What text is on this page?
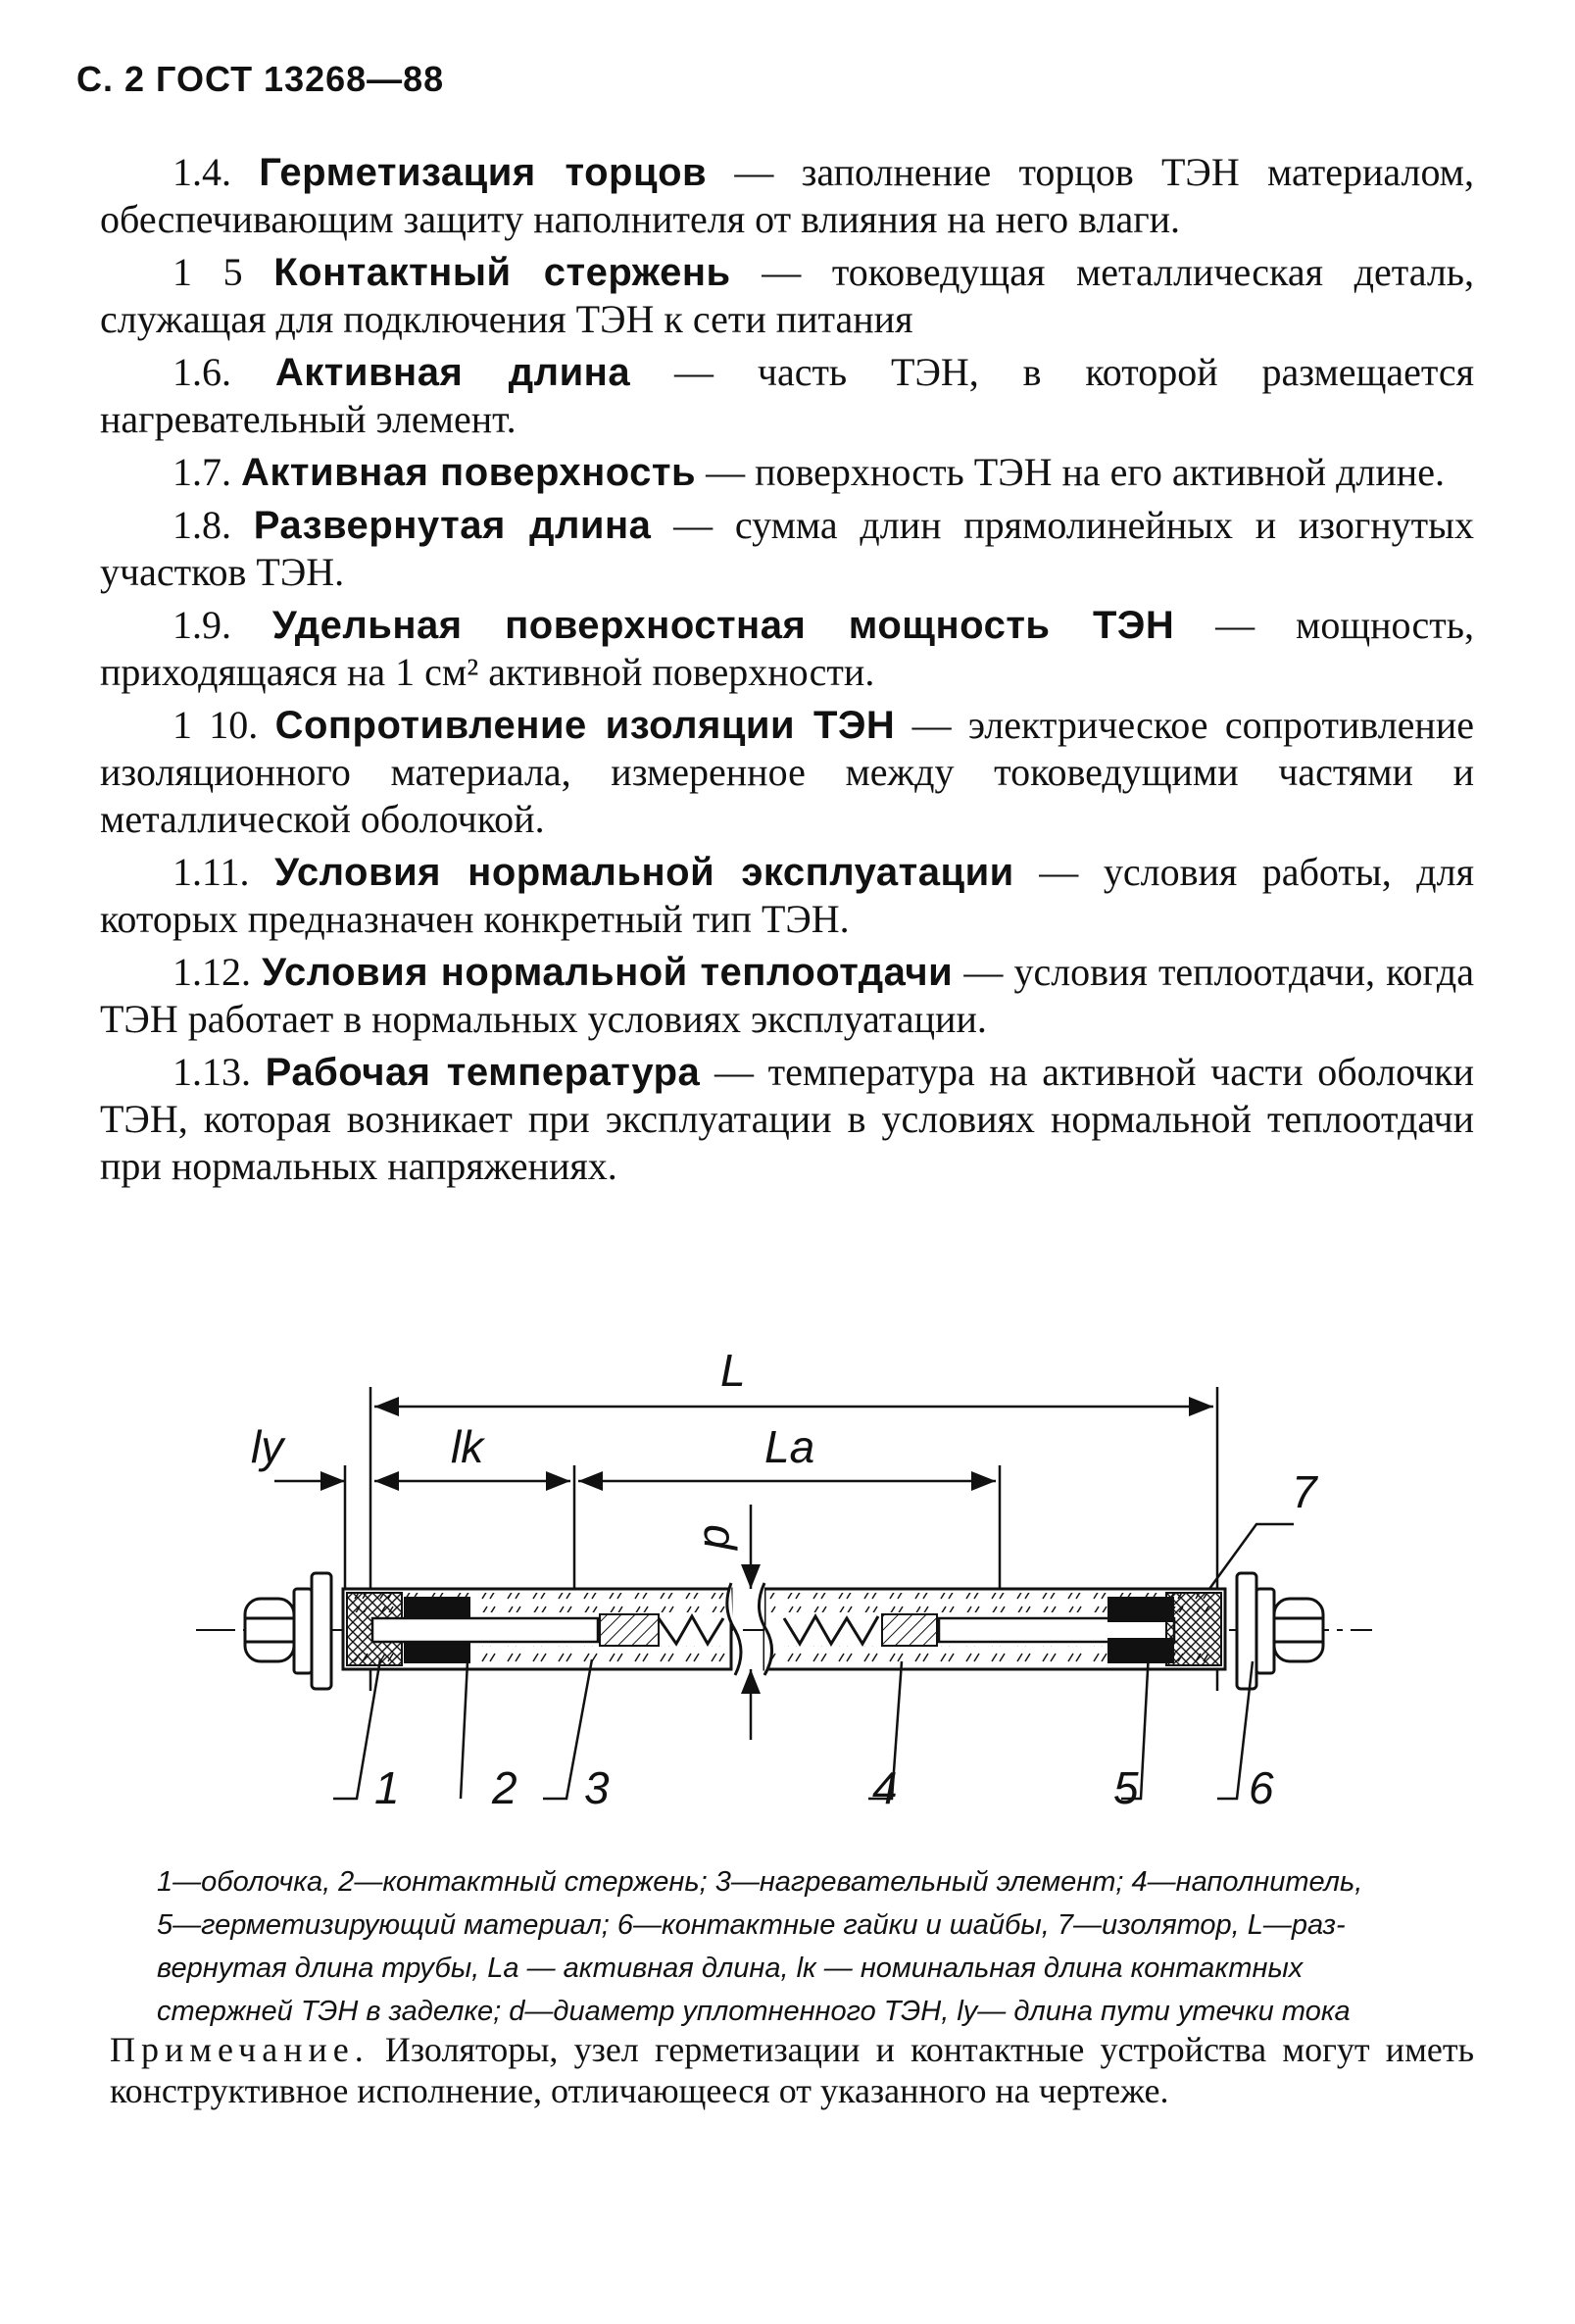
С. 2 ГОСТ 13268—88

1.4. Герметизация торцов — заполнение торцов ТЭН материалом, обеспечивающим защиту наполнителя от влияния на него влаги.

1 5 Контактный стержень — токоведущая металлическая деталь, служащая для подключения ТЭН к сети питания

1.6. Активная длина — часть ТЭН, в которой размещается нагревательный элемент.

1.7. Активная поверхность — поверхность ТЭН на его активной длине.

1.8. Развернутая длина — сумма длин прямолинейных и изогнутых участков ТЭН.

1.9. Удельная поверхностная мощность ТЭН — мощность, приходящаяся на 1 см² активной поверхности.

1 10. Сопротивление изоляции ТЭН — электрическое сопротивление изоляционного материала, измеренное между токоведущими частями и металлической оболочкой.

1.11. Условия нормальной эксплуатации — условия работы, для которых предназначен конкретный тип ТЭН.

1.12. Условия нормальной теплоотдачи — условия теплоотдачи, когда ТЭН работает в нормальных условиях эксплуатации.

1.13. Рабочая температура — температура на активной части оболочки ТЭН, которая возникает при эксплуатации в условиях нормальной теплоотдачи при нормальных напряжениях.

L
ly	lk	La
d
1 2 3	4	5 6
7
1—оболочка, 2—контактный стержень; 3—нагревательный элемент; 4—наполнитель,
5—герметизирующий материал; 6—контактные гайки и шайбы, 7—изолятор, L—раз-
вернутая длина трубы, Lа — активная длина, lк — номинальная длина контактных
стержней ТЭН в заделке; d—диаметр уплотненного ТЭН, lу— длина пути утечки тока
Примечание. Изоляторы, узел герметизации и контактные устройства могут иметь конструктивное исполнение, отличающееся от указанного на чертеже.
